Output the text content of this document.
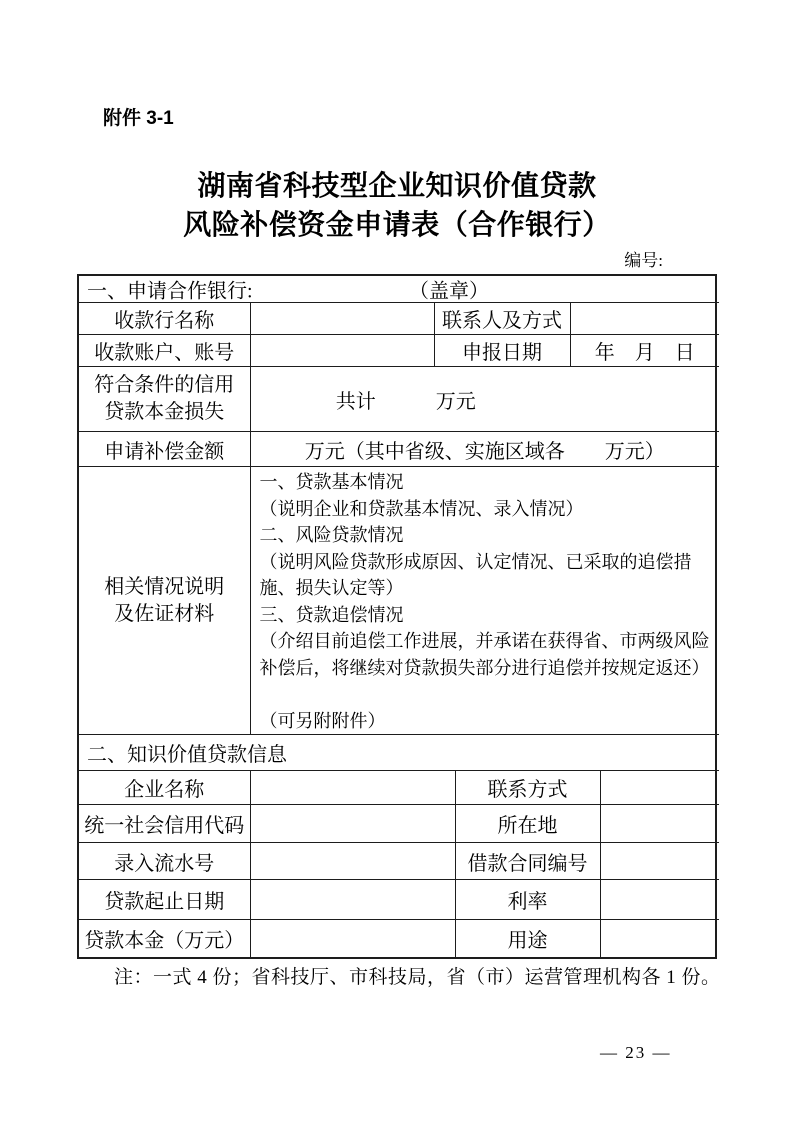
附件 3-1
湖南省科技型企业知识价值贷款
风险补偿资金申请表（合作银行）
编号:
一、申请合作银行: （盖章）			

收款行名称		联系人及方式	
收款账户、账号		申报日期	年　月　日

符合条件的信用
贷款本金损失	共计　　　万元		
申请补偿金额	万元（其中省级、实施区域各　　万元）		

相关情况说明
及佐证材料

一、贷款基本情况
（说明企业和贷款基本情况、录入情况）
二、风险贷款情况
（说明风险贷款形成原因、认定情况、已采取的追偿措施、损失认定等）
三、贷款追偿情况
（介绍目前追偿工作进展，并承诺在获得省、市两级风险补偿后，将继续对贷款损失部分进行追偿并按规定返还）

（可另附附件）
二、知识价值贷款信息			
企业名称		联系方式	
统一社会信用代码		所在地	
录入流水号		借款合同编号	
贷款起止日期		利率	
贷款本金（万元）		用途	
注：一式 4 份；省科技厅、市科技局，省（市）运营管理机构各 1 份。
— 23 —
